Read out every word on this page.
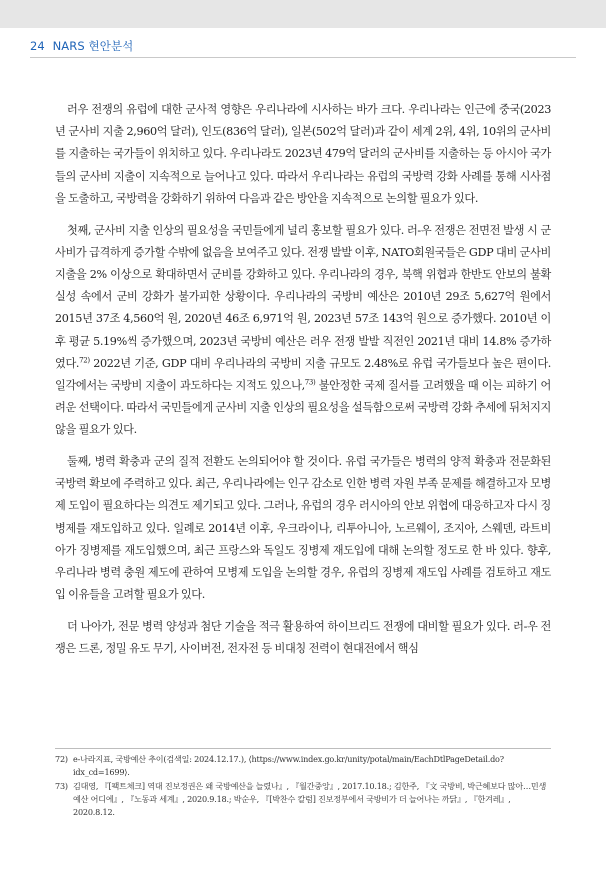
24 NARS 현안분석

러우 전쟁의 유럽에 대한 군사적 영향은 우리나라에 시사하는 바가 크다. 우리나라는 인근에 중국(2023년 군사비 지출 2,960억 달러), 인도(836억 달러), 일본(502억 달러)과 같이 세계 2위, 4위, 10위의 군사비를 지출하는 국가들이 위치하고 있다. 우리나라도 2023년 479억 달러의 군사비를 지출하는 등 아시아 국가들의 군사비 지출이 지속적으로 늘어나고 있다. 따라서 우리나라는 유럽의 국방력 강화 사례를 통해 시사점을 도출하고, 국방력을 강화하기 위하여 다음과 같은 방안을 지속적으로 논의할 필요가 있다.

첫째, 군사비 지출 인상의 필요성을 국민들에게 널리 홍보할 필요가 있다. 러-우 전쟁은 전면전 발생 시 군사비가 급격하게 증가할 수밖에 없음을 보여주고 있다. 전쟁 발발 이후, NATO회원국들은 GDP 대비 군사비 지출을 2% 이상으로 확대하면서 군비를 강화하고 있다. 우리나라의 경우, 북핵 위협과 한반도 안보의 불확실성 속에서 군비 강화가 불가피한 상황이다. 우리나라의 국방비 예산은 2010년 29조 5,627억 원에서 2015년 37조 4,560억 원, 2020년 46조 6,971억 원, 2023년 57조 143억 원으로 증가했다. 2010년 이후 평균 5.19%씩 증가했으며, 2023년 국방비 예산은 러우 전쟁 발발 직전인 2021년 대비 14.8% 증가하였다.$^{72)}$ 2022년 기준, GDP 대비 우리나라의 국방비 지출 규모도 2.48%로 유럽 국가들보다 높은 편이다. 일각에서는 국방비 지출이 과도하다는 지적도 있으나,$^{73)}$ 불안정한 국제 질서를 고려했을 때 이는 피하기 어려운 선택이다. 따라서 국민들에게 군사비 지출 인상의 필요성을 설득함으로써 국방력 강화 추세에 뒤처지지 않을 필요가 있다.

둘째, 병력 확충과 군의 질적 전환도 논의되어야 할 것이다. 유럽 국가들은 병력의 양적 확충과 전문화된 국방력 확보에 주력하고 있다. 최근, 우리나라에는 인구 감소로 인한 병력 자원 부족 문제를 해결하고자 모병제 도입이 필요하다는 의견도 제기되고 있다. 그러나, 유럽의 경우 러시아의 안보 위협에 대응하고자 다시 징병제를 재도입하고 있다. 일례로 2014년 이후, 우크라이나, 리투아니아, 노르웨이, 조지아, 스웨덴, 라트비아가 징병제를 재도입했으며, 최근 프랑스와 독일도 징병제 재도입에 대해 논의할 정도로 한 바 있다. 향후, 우리나라 병력 충원 제도에 관하여 모병제 도입을 논의할 경우, 유럽의 징병제 재도입 사례를 검토하고 재도입 이유들을 고려할 필요가 있다.

더 나아가, 전문 병력 양성과 첨단 기술을 적극 활용하여 하이브리드 전쟁에 대비할 필요가 있다. 러-우 전쟁은 드론, 정밀 유도 무기, 사이버전, 전자전 등 비대칭 전력이 현대전에서 핵심

72) e-나라지표, 국방예산 추이(검색일: 2024.12.17.), ⟨https://www.index.go.kr/unity/potal/main/EachDtlPageDetail.do?idx_cd=1699⟩.
73) 김대영, 『[팩트체크] 역대 진보정권은 왜 국방예산을 늘렸나』, 『월간중앙』, 2017.10.18.; 김한주, 『文 국방비, 박근혜보다 많아…민생 예산 어디에』, 『노동과 세계』, 2020.9.18.; 박순우, 『[박찬수 칼럼] 진보정부에서 국방비가 더 늘어나는 까닭』, 『한겨레』, 2020.8.12.
